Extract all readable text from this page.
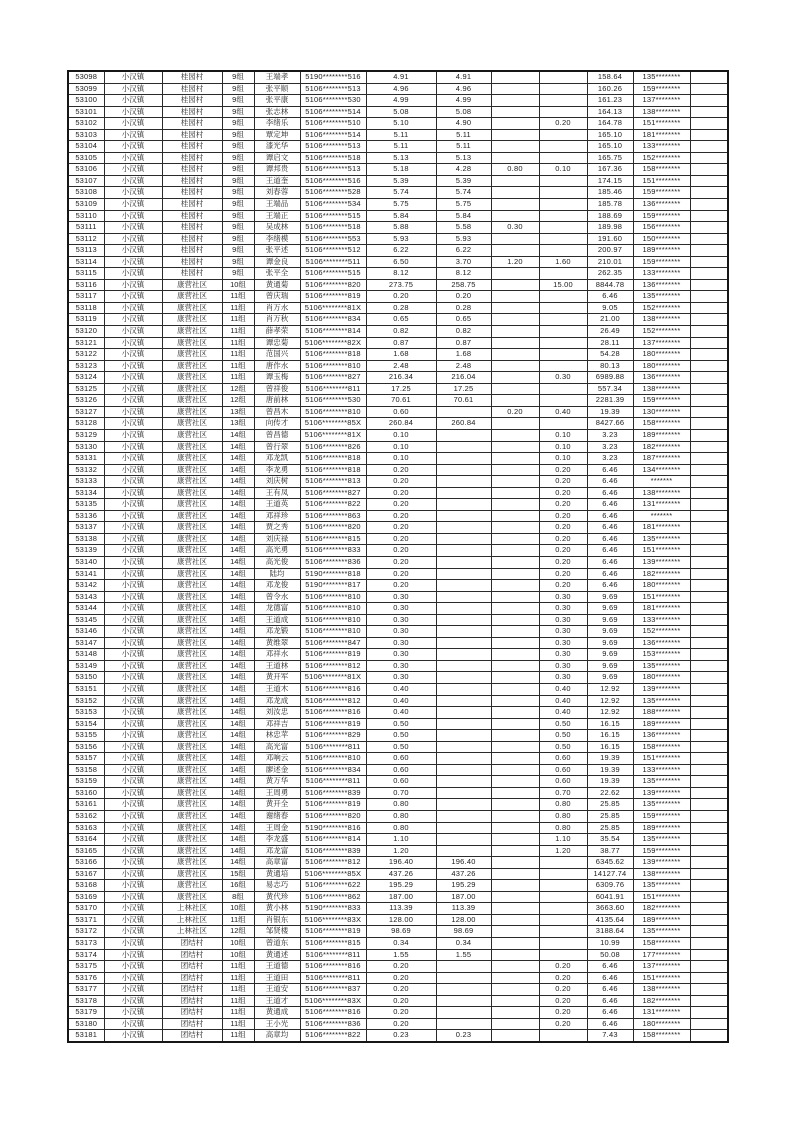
53098	小汉镇	桂园村	9组	王端孝	5190********516	4.91	4.91			158.64	135********	
53099	小汉镇	桂园村	9组	张平顺	5106********513	4.96	4.96			160.26	159********	
53100	小汉镇	桂园村	9组	张平康	5106********530	4.99	4.99			161.23	137********	
53101	小汉镇	桂园村	9组	张志林	5106********514	5.08	5.08			164.13	138********	
53102	小汉镇	桂园村	9组	李绪乐	5106********510	5.10	4.90		0.20	164.78	151********	
53103	小汉镇	桂园村	9组	覃定坤	5106********514	5.11	5.11			165.10	181********	
53104	小汉镇	桂园村	9组	漆光华	5106********513	5.11	5.11			165.10	133********	
53105	小汉镇	桂园村	9组	谭启文	5106********518	5.13	5.13			165.75	152********	
53106	小汉镇	桂园村	9组	谭邦贵	5106********513	5.18	4.28	0.80	0.10	167.36	158********	
53107	小汉镇	桂园村	9组	王道奎	5106********516	5.39	5.39			174.15	151********	
53108	小汉镇	桂园村	9组	刘春蓉	5106********528	5.74	5.74			185.46	159********	
53109	小汉镇	桂园村	9组	王端品	5106********534	5.75	5.75			185.78	136********	
53110	小汉镇	桂园村	9组	王端正	5106********515	5.84	5.84			188.69	159********	
53111	小汉镇	桂园村	9组	吴成林	5106********518	5.88	5.58	0.30		189.98	156********	
53112	小汉镇	桂园村	9组	李绪模	5106********553	5.93	5.93			191.60	150********	
53113	小汉镇	桂园村	9组	张平述	5106********512	6.22	6.22			200.97	189********	
53114	小汉镇	桂园村	9组	谭金良	5106********511	6.50	3.70	1.20	1.60	210.01	159********	
53115	小汉镇	桂园村	9组	张平全	5106********515	8.12	8.12			262.35	133********	
53116	小汉镇	康营社区	10组	黄通菊	5106********820	273.75	258.75		15.00	8844.78	136********	
53117	小汉镇	康营社区	11组	曾庆瑞	5106********819	0.20	0.20			6.46	135********	
53118	小汉镇	康营社区	11组	肖万水	5106********81X	0.28	0.28			9.05	152********	
53119	小汉镇	康营社区	11组	肖万秋	5106********834	0.65	0.65			21.00	138********	
53120	小汉镇	康营社区	11组	薛孝荣	5106********814	0.82	0.82			26.49	152********	
53121	小汉镇	康营社区	11组	谭忠菊	5106********82X	0.87	0.87			28.11	137********	
53122	小汉镇	康营社区	11组	范国兴	5106********818	1.68	1.68			54.28	180********	
53123	小汉镇	康营社区	11组	唐作水	5106********810	2.48	2.48			80.13	180********	
53124	小汉镇	康营社区	11组	谭玉梅	5106********827	216.34	216.04		0.30	6989.88	136********	
53125	小汉镇	康营社区	12组	曾祥俊	5106********811	17.25	17.25			557.34	138********	
53126	小汉镇	康营社区	12组	唐前林	5106********530	70.61	70.61			2281.39	159********	
53127	小汉镇	康营社区	13组	曾昌木	5106********810	0.60		0.20	0.40	19.39	130********	
53128	小汉镇	康营社区	13组	向传才	5106********85X	260.84	260.84			8427.66	158********	
53129	小汉镇	康营社区	14组	曾昌德	5106********81X	0.10			0.10	3.23	189********	
53130	小汉镇	康营社区	14组	曾行翠	5106********826	0.10			0.10	3.23	182********	
53131	小汉镇	康营社区	14组	邓龙凯	5106********818	0.10			0.10	3.23	187********	
53132	小汉镇	康营社区	14组	李龙勇	5106********818	0.20			0.20	6.46	134********	
53133	小汉镇	康营社区	14组	刘庆树	5106********813	0.20			0.20	6.46	*******	
53134	小汉镇	康营社区	14组	王有凤	5106********827	0.20			0.20	6.46	138********	
53135	小汉镇	康营社区	14组	王道英	5106********822	0.20			0.20	6.46	131********	
53136	小汉镇	康营社区	14组	邓祥珍	5106********863	0.20			0.20	6.46	*******	
53137	小汉镇	康营社区	14组	贾之秀	5106********820	0.20			0.20	6.46	181********	
53138	小汉镇	康营社区	14组	刘庆禄	5106********815	0.20			0.20	6.46	135********	
53139	小汉镇	康营社区	14组	高光勇	5106********833	0.20			0.20	6.46	151********	
53140	小汉镇	康营社区	14组	高光俊	5106********836	0.20			0.20	6.46	139********	
53141	小汉镇	康营社区	14组	陆均	5190********818	0.20			0.20	6.46	182********	
53142	小汉镇	康营社区	14组	邓龙俊	5190********817	0.20			0.20	6.46	180********	
53143	小汉镇	康营社区	14组	曾令水	5106********810	0.30			0.30	9.69	151********	
53144	小汉镇	康营社区	14组	龙德富	5106********810	0.30			0.30	9.69	181********	
53145	小汉镇	康营社区	14组	王道成	5106********810	0.30			0.30	9.69	133********	
53146	小汉镇	康营社区	14组	邓龙锻	5106********810	0.30			0.30	9.69	152********	
53147	小汉镇	康营社区	14组	黄维翠	5106********847	0.30			0.30	9.69	136********	
53148	小汉镇	康营社区	14组	邓祥水	5106********819	0.30			0.30	9.69	153********	
53149	小汉镇	康营社区	14组	王道林	5106********812	0.30			0.30	9.69	135********	
53150	小汉镇	康营社区	14组	黄开军	5106********81X	0.30			0.30	9.69	180********	
53151	小汉镇	康营社区	14组	王道木	5106********816	0.40			0.40	12.92	139********	
53152	小汉镇	康营社区	14组	邓龙成	5106********812	0.40			0.40	12.92	135********	
53153	小汉镇	康营社区	14组	刘汝忠	5106********816	0.40			0.40	12.92	188********	
53154	小汉镇	康营社区	14组	邓祥吉	5106********819	0.50			0.50	16.15	189********	
53155	小汉镇	康营社区	14组	林忠苹	5106********829	0.50			0.50	16.15	136********	
53156	小汉镇	康营社区	14组	高光富	5106********811	0.50			0.50	16.15	158********	
53157	小汉镇	康营社区	14组	邓响云	5106********810	0.60			0.60	19.39	151********	
53158	小汉镇	康营社区	14组	廖述金	5106********834	0.60			0.60	19.39	133********	
53159	小汉镇	康营社区	14组	黄万华	5106********811	0.60			0.60	19.39	135********	
53160	小汉镇	康营社区	14组	王周勇	5106********839	0.70			0.70	22.62	139********	
53161	小汉镇	康营社区	14组	黄开全	5106********819	0.80			0.80	25.85	135********	
53162	小汉镇	康营社区	14组	谢绪春	5106********820	0.80			0.80	25.85	159********	
53163	小汉镇	康营社区	14组	王周金	5190********816	0.80			0.80	25.85	189********	
53164	小汉镇	康营社区	14组	李龙盛	5106********814	1.10			1.10	35.54	135********	
53165	小汉镇	康营社区	14组	邓龙富	5106********839	1.20			1.20	38.77	159********	
53166	小汉镇	康营社区	14组	高章富	5106********812	196.40	196.40			6345.62	139********	
53167	小汉镇	康营社区	15组	黄通培	5106********85X	437.26	437.26			14127.74	138********	
53168	小汉镇	康营社区	16组	易志巧	5106********622	195.29	195.29			6309.76	135********	
53169	小汉镇	康营社区	8组	黄代珍	5106********862	187.00	187.00			6041.91	151********	
53170	小汉镇	上林社区	10组	黄小林	5190********833	113.39	113.39			3663.60	182********	
53171	小汉镇	上林社区	11组	肖银东	5106********83X	128.00	128.00			4135.64	189********	
53172	小汉镇	上林社区	12组	邹贤楼	5106********819	98.69	98.69			3188.64	135********	
53173	小汉镇	团结村	10组	曾道东	5106********815	0.34	0.34			10.99	158********	
53174	小汉镇	团结村	10组	黄通述	5106********811	1.55	1.55			50.08	177********	
53175	小汉镇	团结村	11组	王道德	5106********816	0.20			0.20	6.46	137********	
53176	小汉镇	团结村	11组	王道田	5106********811	0.20			0.20	6.46	151********	
53177	小汉镇	团结村	11组	王道安	5106********837	0.20			0.20	6.46	138********	
53178	小汉镇	团结村	11组	王道才	5106********83X	0.20			0.20	6.46	182********	
53179	小汉镇	团结村	11组	黄通成	5106********816	0.20			0.20	6.46	131********	
53180	小汉镇	团结村	11组	王小光	5106********836	0.20			0.20	6.46	180********	
53181	小汉镇	团结村	11组	高章均	5106********822	0.23	0.23			7.43	158********	
